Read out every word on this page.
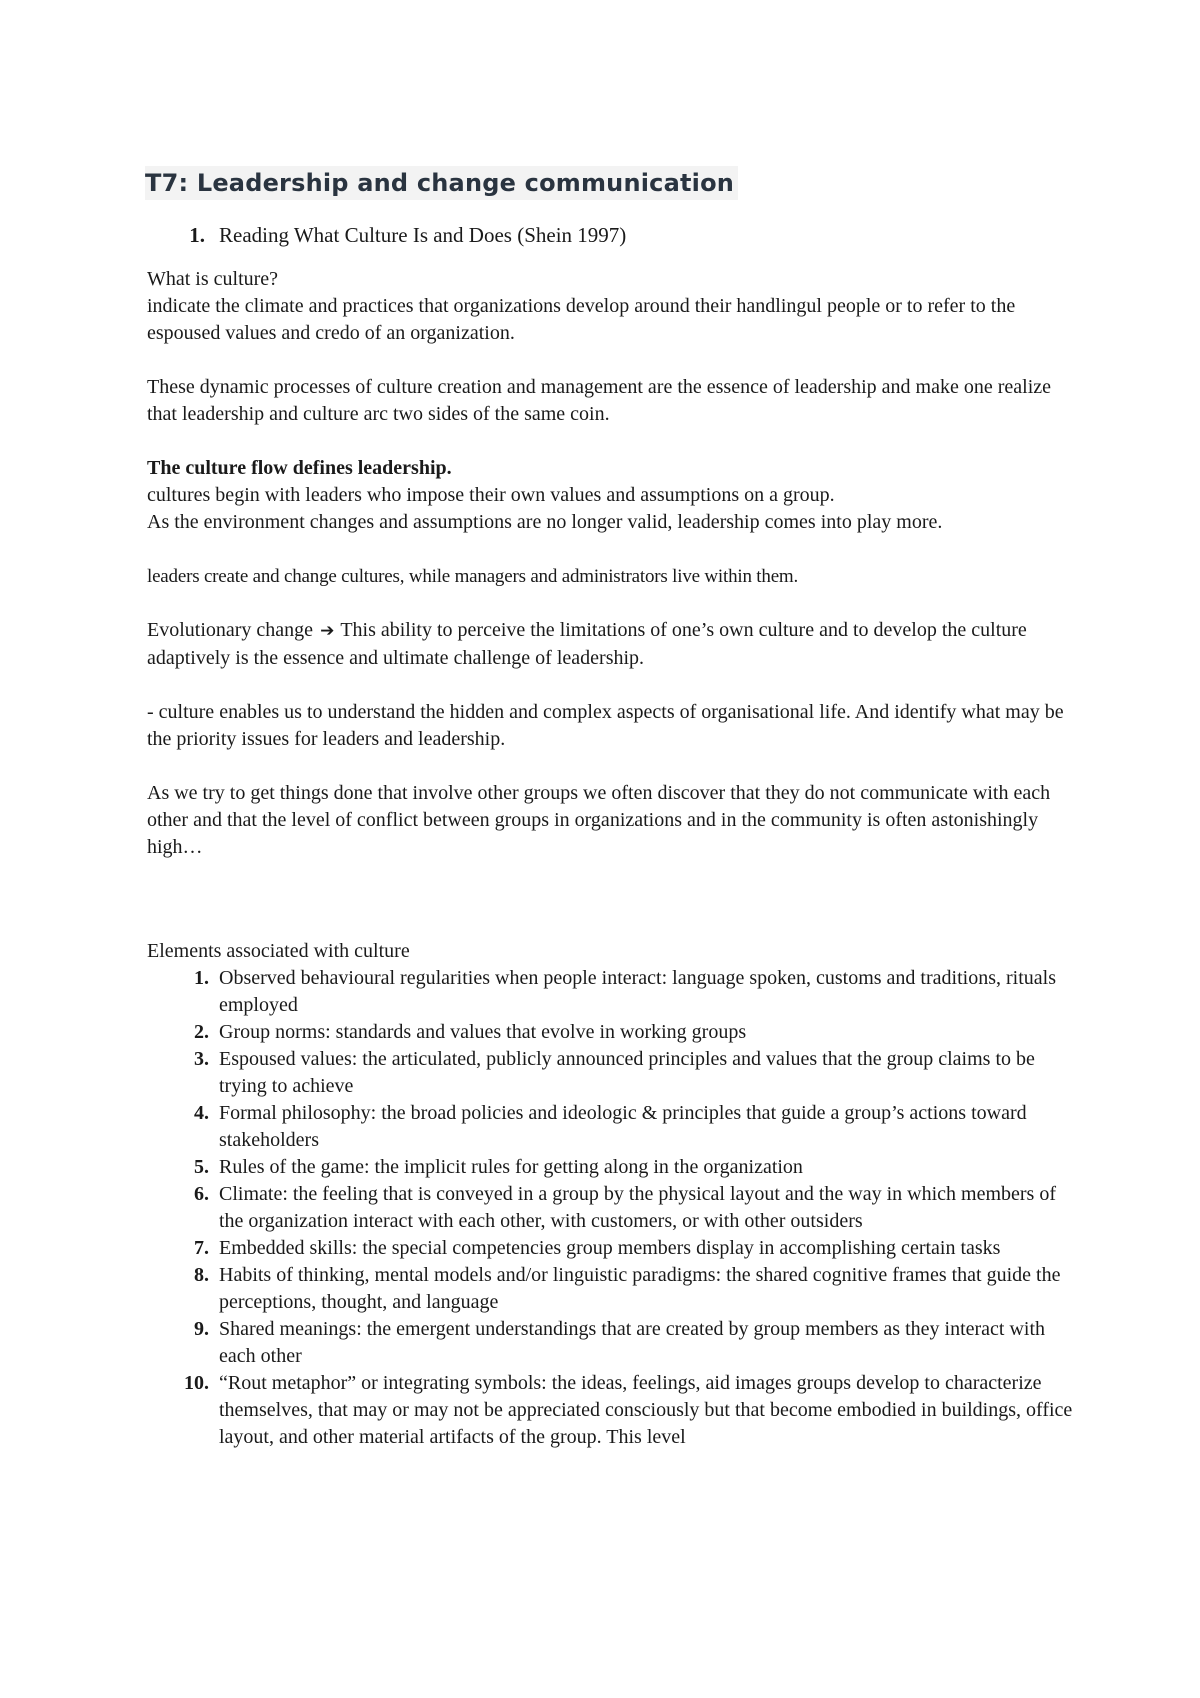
T7: Leadership and change communication
1. Reading What Culture Is and Does (Shein 1997)

What is culture?

indicate the climate and practices that organizations develop around their handlingul people or to refer to the espoused values and credo of an organization.

These dynamic processes of culture creation and management are the essence of leadership and make one realize that leadership and culture arc two sides of the same coin.

The culture flow defines leadership.

cultures begin with leaders who impose their own values and assumptions on a group.

As the environment changes and assumptions are no longer valid, leadership comes into play more.

leaders create and change cultures, while managers and administrators live within them.

Evolutionary change ➔ This ability to perceive the limitations of one’s own culture and to develop the culture adaptively is the essence and ultimate challenge of leadership.

- culture enables us to understand the hidden and complex aspects of organisational life. And identify what may be the priority issues for leaders and leadership.

As we try to get things done that involve other groups we often discover that they do not communicate with each other and that the level of conflict between groups in organizations and in the community is often astonishingly high…

Elements associated with culture

1. Observed behavioural regularities when people interact: language spoken, customs and traditions, rituals employed
2. Group norms: standards and values that evolve in working groups
3. Espoused values: the articulated, publicly announced principles and values that the group claims to be trying to achieve
4. Formal philosophy: the broad policies and ideologic & principles that guide a group’s actions toward stakeholders
5. Rules of the game: the implicit rules for getting along in the organization
6. Climate: the feeling that is conveyed in a group by the physical layout and the way in which members of the organization interact with each other, with customers, or with other outsiders
7. Embedded skills: the special competencies group members display in accomplishing certain tasks
8. Habits of thinking, mental models and/or linguistic paradigms: the shared cognitive frames that guide the perceptions, thought, and language
9. Shared meanings: the emergent understandings that are created by group members as they interact with each other
10. “Rout metaphor” or integrating symbols: the ideas, feelings, aid images groups develop to characterize themselves, that may or may not be appreciated consciously but that become embodied in buildings, office layout, and other material artifacts of the group. This level
